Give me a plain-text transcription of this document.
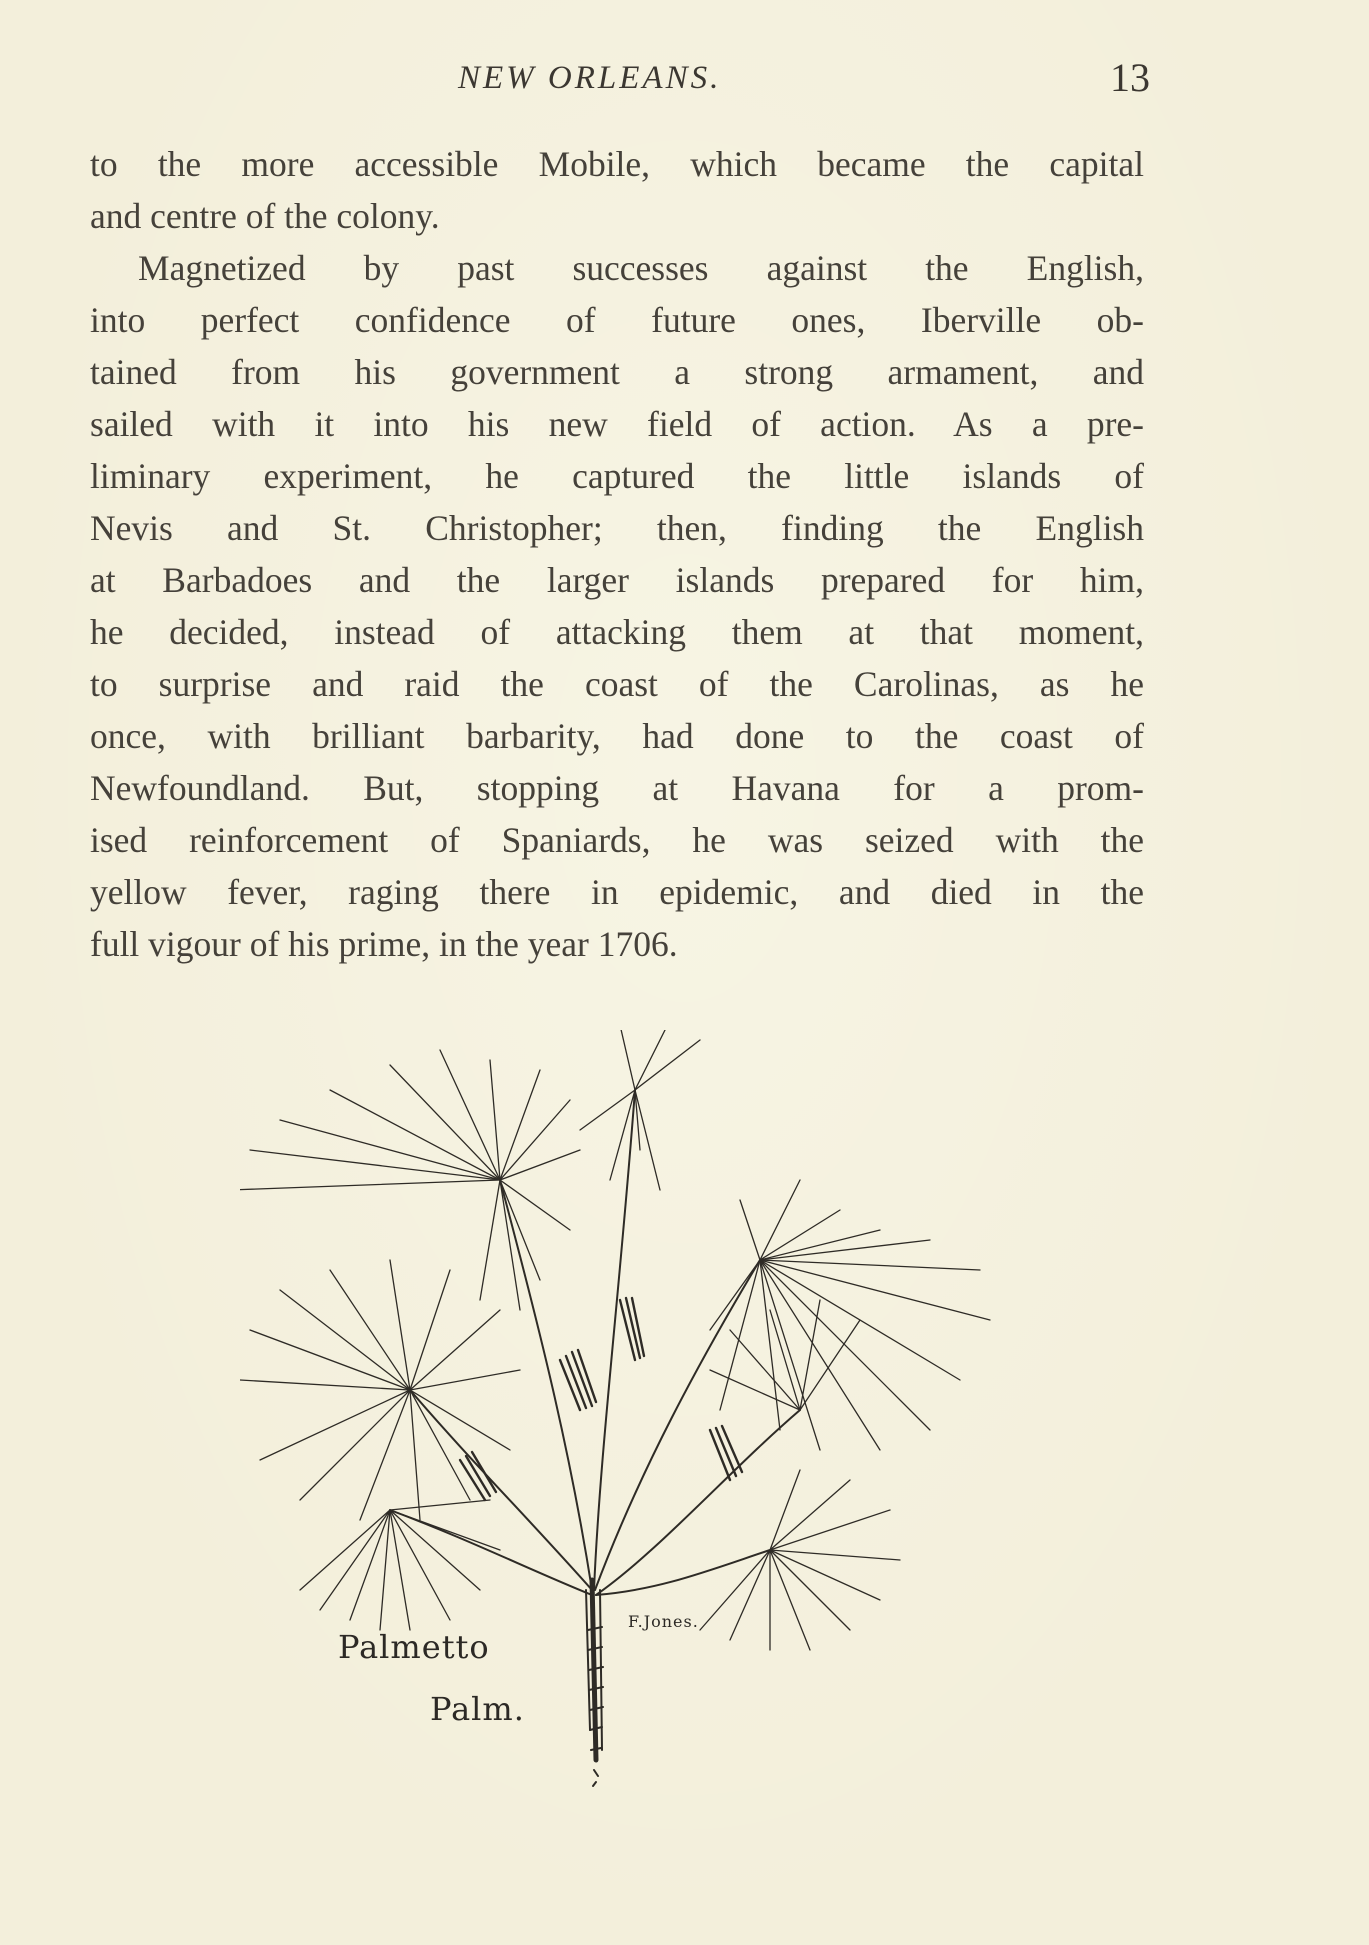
NEW ORLEANS.	13

to the more accessible Mobile, which became the capital
and centre of the colony.

Magnetized by past successes against the English,
into perfect confidence of future ones, Iberville ob-
tained from his government a strong armament, and
sailed with it into his new field of action. As a pre-
liminary experiment, he captured the little islands of
Nevis and St. Christopher; then, finding the English
at Barbadoes and the larger islands prepared for him,
he decided, instead of attacking them at that moment,
to surprise and raid the coast of the Carolinas, as he
once, with brilliant barbarity, had done to the coast of
Newfoundland. But, stopping at Havana for a prom-
ised reinforcement of Spaniards, he was seized with the
yellow fever, raging there in epidemic, and died in the
full vigour of his prime, in the year 1706.

Palmetto
Palm.
F.Jones.
